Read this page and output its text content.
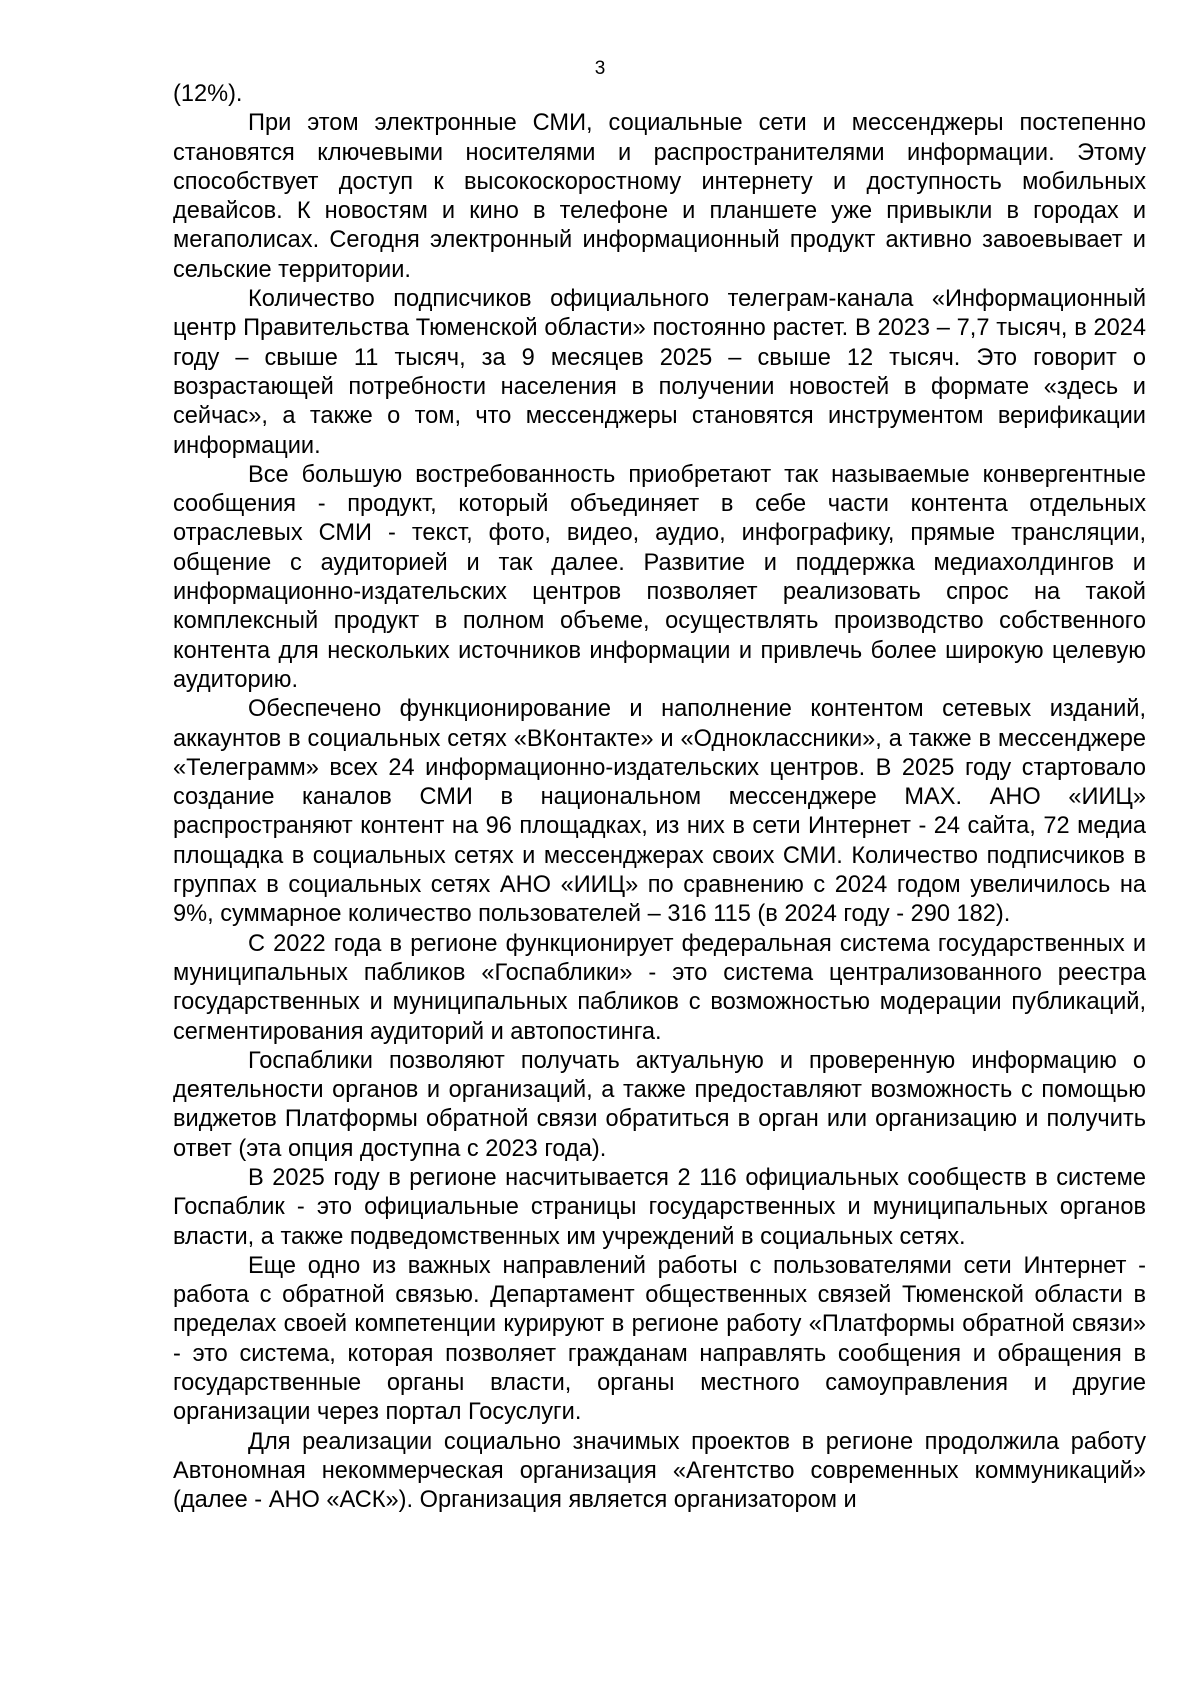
3

(12%).

При этом электронные СМИ, социальные сети и мессенджеры постепенно становятся ключевыми носителями и распространителями информации. Этому способствует доступ к высокоскоростному интернету и доступность мобильных девайсов. К новостям и кино в телефоне и планшете уже привыкли в городах и мегаполисах. Сегодня электронный информационный продукт активно завоевывает и сельские территории.

Количество подписчиков официального телеграм-канала «Информационный центр Правительства Тюменской области» постоянно растет. В 2023 – 7,7 тысяч, в 2024 году – свыше 11 тысяч, за 9 месяцев 2025 – свыше 12 тысяч. Это говорит о возрастающей потребности населения в получении новостей в формате «здесь и сейчас», а также о том, что мессенджеры становятся инструментом верификации информации.

Все большую востребованность приобретают так называемые конвергентные сообщения - продукт, который объединяет в себе части контента отдельных отраслевых СМИ - текст, фото, видео, аудио, инфографику, прямые трансляции, общение с аудиторией и так далее. Развитие и поддержка медиахолдингов и информационно-издательских центров позволяет реализовать спрос на такой комплексный продукт в полном объеме, осуществлять производство собственного контента для нескольких источников информации и привлечь более широкую целевую аудиторию.

Обеспечено функционирование и наполнение контентом сетевых изданий, аккаунтов в социальных сетях «ВКонтакте» и «Одноклассники», а также в мессенджере «Телеграмм» всех 24 информационно-издательских центров. В 2025 году стартовало создание каналов СМИ в национальном мессенджере MAX. АНО «ИИЦ» распространяют контент на 96 площадках, из них в сети Интернет - 24 сайта, 72 медиа площадка в социальных сетях и мессенджерах своих СМИ. Количество подписчиков в группах в социальных сетях АНО «ИИЦ» по сравнению с 2024 годом увеличилось на 9%, суммарное количество пользователей – 316 115 (в 2024 году - 290 182).

С 2022 года в регионе функционирует федеральная система государственных и муниципальных пабликов «Госпаблики» - это система централизованного реестра государственных и муниципальных пабликов с возможностью модерации публикаций, сегментирования аудиторий и автопостинга.

Госпаблики позволяют получать актуальную и проверенную информацию о деятельности органов и организаций, а также предоставляют возможность с помощью виджетов Платформы обратной связи обратиться в орган или организацию и получить ответ (эта опция доступна с 2023 года).

В 2025 году в регионе насчитывается 2 116 официальных сообществ в системе Госпаблик - это официальные страницы государственных и муниципальных органов власти, а также подведомственных им учреждений в социальных сетях.

Еще одно из важных направлений работы с пользователями сети Интернет - работа с обратной связью. Департамент общественных связей Тюменской области в пределах своей компетенции курируют в регионе работу «Платформы обратной связи» - это система, которая позволяет гражданам направлять сообщения и обращения в государственные органы власти, органы местного самоуправления и другие организации через портал Госуслуги.

Для реализации социально значимых проектов в регионе продолжила работу Автономная некоммерческая организация «Агентство современных коммуникаций» (далее - АНО «АСК»). Организация является организатором и
